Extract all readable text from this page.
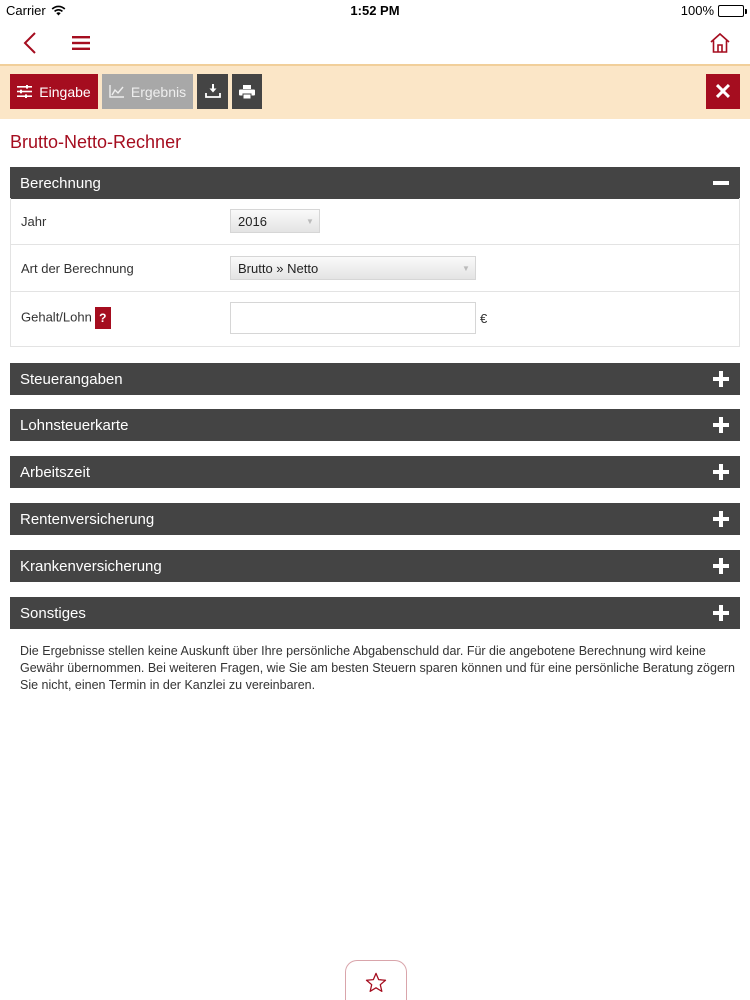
Carrier	1:52 PM	100%
Eingabe	Ergebnis	✕
Brutto-Netto-Rechner
Berechnung
Jahr	2016	▼
Art der Berechnung	Brutto » Netto	▼
Gehalt/Lohn ?	€
Steuerangaben
Lohnsteuerkarte
Arbeitszeit
Rentenversicherung
Krankenversicherung
Sonstiges

Die Ergebnisse stellen keine Auskunft über Ihre persönliche Abgabenschuld dar. Für die angebotene Berechnung wird keine Gewähr übernommen. Bei weiteren Fragen, wie Sie am besten Steuern sparen können und für eine persönliche Beratung zögern Sie nicht, einen Termin in der Kanzlei zu vereinbaren.
